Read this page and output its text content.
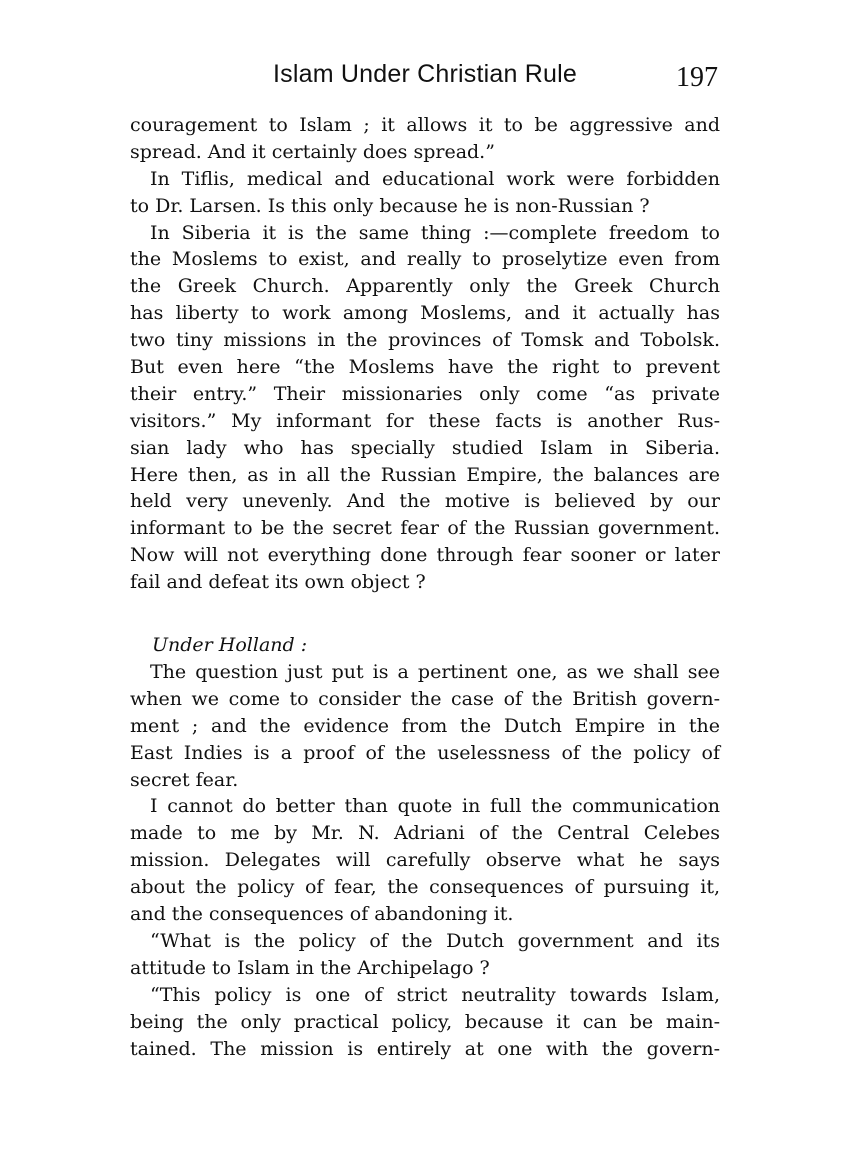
Islam Under Christian Rule	197
couragement to Islam ; it allows it to be aggressive and
spread. And it certainly does spread.”
In Tiflis, medical and educational work were forbidden
to Dr. Larsen. Is this only because he is non-Russian ?
In Siberia it is the same thing :—complete freedom to
the Moslems to exist, and really to proselytize even from
the Greek Church. Apparently only the Greek Church
has liberty to work among Moslems, and it actually has
two tiny missions in the provinces of Tomsk and Tobolsk.
But even here “the Moslems have the right to prevent
their entry.” Their missionaries only come “as private
visitors.” My informant for these facts is another Rus-
sian lady who has specially studied Islam in Siberia.
Here then, as in all the Russian Empire, the balances are
held very unevenly. And the motive is believed by our
informant to be the secret fear of the Russian government.
Now will not everything done through fear sooner or later
fail and defeat its own object ?
Under Holland :
The question just put is a pertinent one, as we shall see
when we come to consider the case of the British govern-
ment ; and the evidence from the Dutch Empire in the
East Indies is a proof of the uselessness of the policy of
secret fear.
I cannot do better than quote in full the communication
made to me by Mr. N. Adriani of the Central Celebes
mission. Delegates will carefully observe what he says
about the policy of fear, the consequences of pursuing it,
and the consequences of abandoning it.
“What is the policy of the Dutch government and its
attitude to Islam in the Archipelago ?
“This policy is one of strict neutrality towards Islam,
being the only practical policy, because it can be main-
tained. The mission is entirely at one with the govern-
